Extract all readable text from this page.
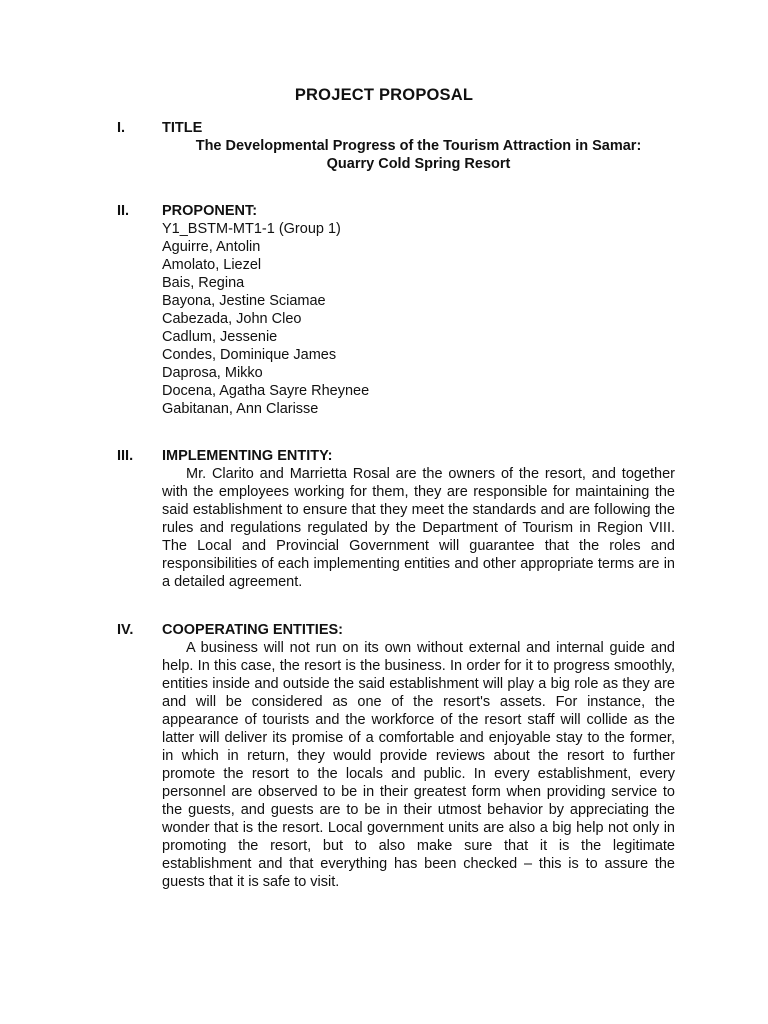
PROJECT PROPOSAL
I.	TITLE
The Developmental Progress of the Tourism Attraction in Samar:
Quarry Cold Spring Resort
II. PROPONENT:
Y1_BSTM-MT1-1 (Group 1)
Aguirre, Antolin
Amolato, Liezel
Bais, Regina
Bayona, Jestine Sciamae
Cabezada, John Cleo
Cadlum, Jessenie
Condes, Dominique James
Daprosa, Mikko
Docena, Agatha Sayre Rheynee
Gabitanan, Ann Clarisse
III. IMPLEMENTING ENTITY:

Mr. Clarito and Marrietta Rosal are the owners of the resort, and together with the employees working for them, they are responsible for maintaining the said establishment to ensure that they meet the standards and are following the rules and regulations regulated by the Department of Tourism in Region VIII. The Local and Provincial Government will guarantee that the roles and responsibilities of each implementing entities and other appropriate terms are in a detailed agreement.

IV. COOPERATING ENTITIES:

A business will not run on its own without external and internal guide and help. In this case, the resort is the business. In order for it to progress smoothly, entities inside and outside the said establishment will play a big role as they are and will be considered as one of the resort's assets. For instance, the appearance of tourists and the workforce of the resort staff will collide as the latter will deliver its promise of a comfortable and enjoyable stay to the former, in which in return, they would provide reviews about the resort to further promote the resort to the locals and public. In every establishment, every personnel are observed to be in their greatest form when providing service to the guests, and guests are to be in their utmost behavior by appreciating the wonder that is the resort. Local government units are also a big help not only in promoting the resort, but to also make sure that it is the legitimate establishment and that everything has been checked – this is to assure the guests that it is safe to visit.
